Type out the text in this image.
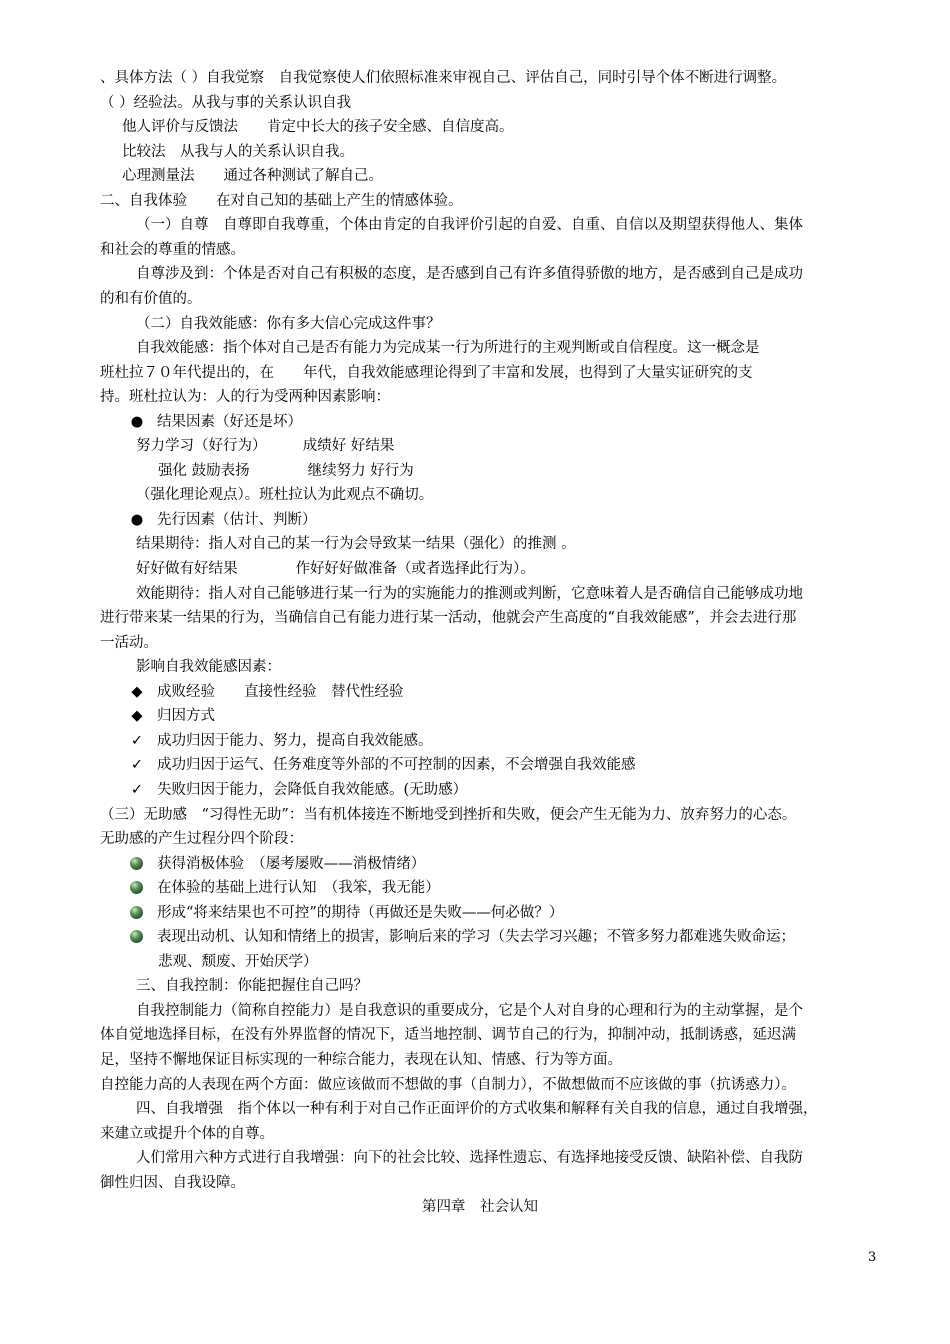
、具体方法（ ）自我觉察　自我觉察使人们依照标准来审视自己、评估自己，同时引导个体不断进行调整。
（ ）经验法。从我与事的关系认识自我
他人评价与反馈法　　肯定中长大的孩子安全感、自信度高。
比较法　从我与人的关系认识自我。
心理测量法　　通过各种测试了解自己。
二、自我体验　　在对自己知的基础上产生的情感体验。
（一）自尊　自尊即自我尊重，个体由肯定的自我评价引起的自爱、自重、自信以及期望获得他人、集体
和社会的尊重的情感。
自尊涉及到：个体是否对自己有积极的态度，是否感到自己有许多值得骄傲的地方，是否感到自己是成功
的和有价值的。
（二）自我效能感：你有多大信心完成这件事？
自我效能感：指个体对自己是否有能力为完成某一行为所进行的主观判断或自信程度。这一概念是
班杜拉７０年代提出的，在　　年代，自我效能感理论得到了丰富和发展，也得到了大量实证研究的支
持。班杜拉认为：人的行为受两种因素影响：
● 结果因素（好还是坏）
努力学习（好行为）　　　成绩好 好结果
强化 鼓励表扬　　　　继续努力 好行为
（强化理论观点）。班杜拉认为此观点不确切。
● 先行因素（估计、判断）
结果期待：指人对自己的某一行为会导致某一结果（强化）的推测 。
好好做有好结果　　　　作好好好做准备（或者选择此行为）。
效能期待：指人对自己能够进行某一行为的实施能力的推测或判断，它意味着人是否确信自己能够成功地
进行带来某一结果的行为，当确信自己有能力进行某一活动，他就会产生高度的“自我效能感”，并会去进行那
一活动。
影响自我效能感因素：
◆ 成败经验　　直接性经验　替代性经验
◆ 归因方式
✓ 成功归因于能力、努力，提高自我效能感。
✓ 成功归因于运气、任务难度等外部的不可控制的因素，不会增强自我效能感
✓ 失败归因于能力，会降低自我效能感。(无助感）
（三）无助感　“习得性无助”：当有机体接连不断地受到挫折和失败，便会产生无能为力、放弃努力的心态。
无助感的产生过程分四个阶段：
获得消极体验　（屡考屡败——消极情绪）
在体验的基础上进行认知　（我笨，我无能）
形成“将来结果也不可控”的期待（再做还是失败——何必做？）
表现出动机、认知和情绪上的损害，影响后来的学习（失去学习兴趣；不管多努力都难逃失败命运；
悲观、颓废、开始厌学）
三、自我控制：你能把握住自己吗？
自我控制能力（简称自控能力）是自我意识的重要成分，它是个人对自身的心理和行为的主动掌握，是个
体自觉地选择目标，在没有外界监督的情况下，适当地控制、调节自己的行为，抑制冲动，抵制诱惑，延迟满
足，坚持不懈地保证目标实现的一种综合能力，表现在认知、情感、行为等方面。
自控能力高的人表现在两个方面：做应该做而不想做的事（自制力），不做想做而不应该做的事（抗诱惑力）。
四、自我增强　指个体以一种有利于对自己作正面评价的方式收集和解释有关自我的信息，通过自我增强，
来建立或提升个体的自尊。
人们常用六种方式进行自我增强：向下的社会比较、选择性遗忘、有选择地接受反馈、缺陷补偿、自我防
御性归因、自我设障。
第四章　社会认知
3
